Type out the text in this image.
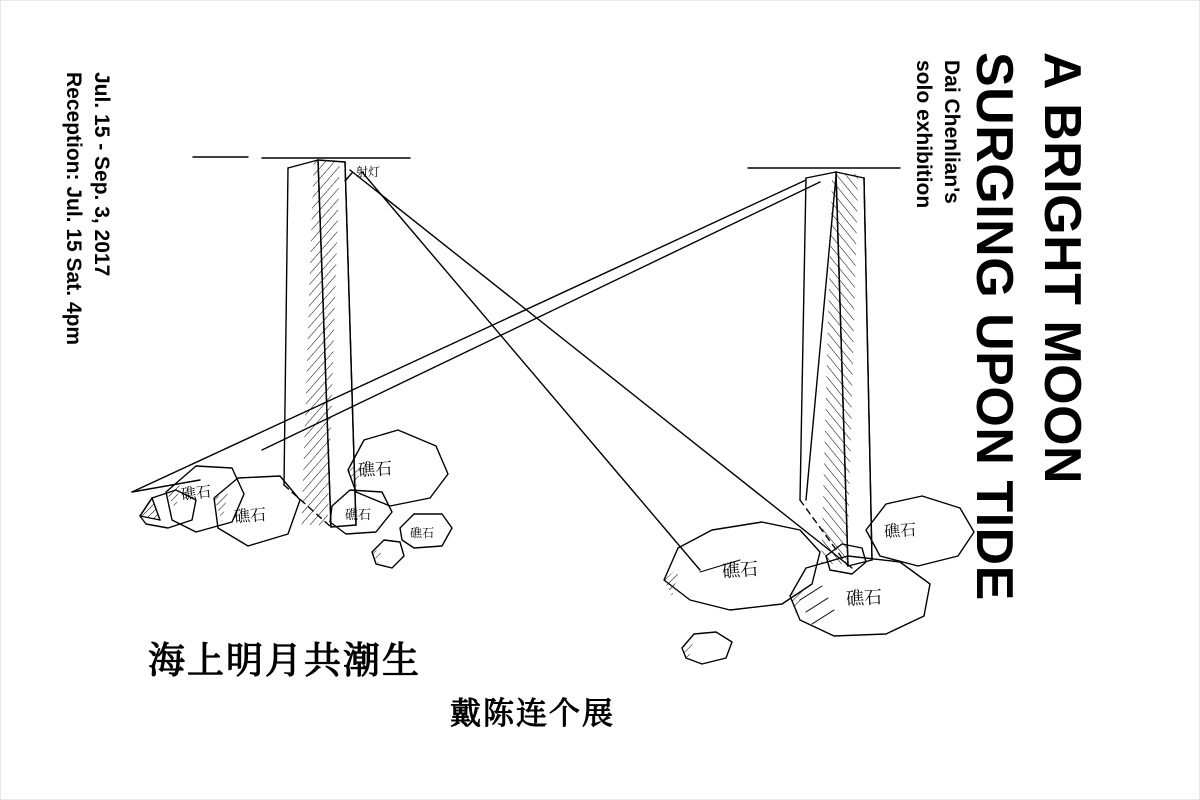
射灯
礁石
礁石
礁石
礁石
礁石
礁石
礁石
礁石
A BRIGHT MOON
SURGING UPON TIDE
Dai Chenlian's
solo exhibition
Jul. 15 - Sep. 3, 2017
Reception: Jul. 15 Sat. 4pm
海上明月共潮生
戴陈连个展
